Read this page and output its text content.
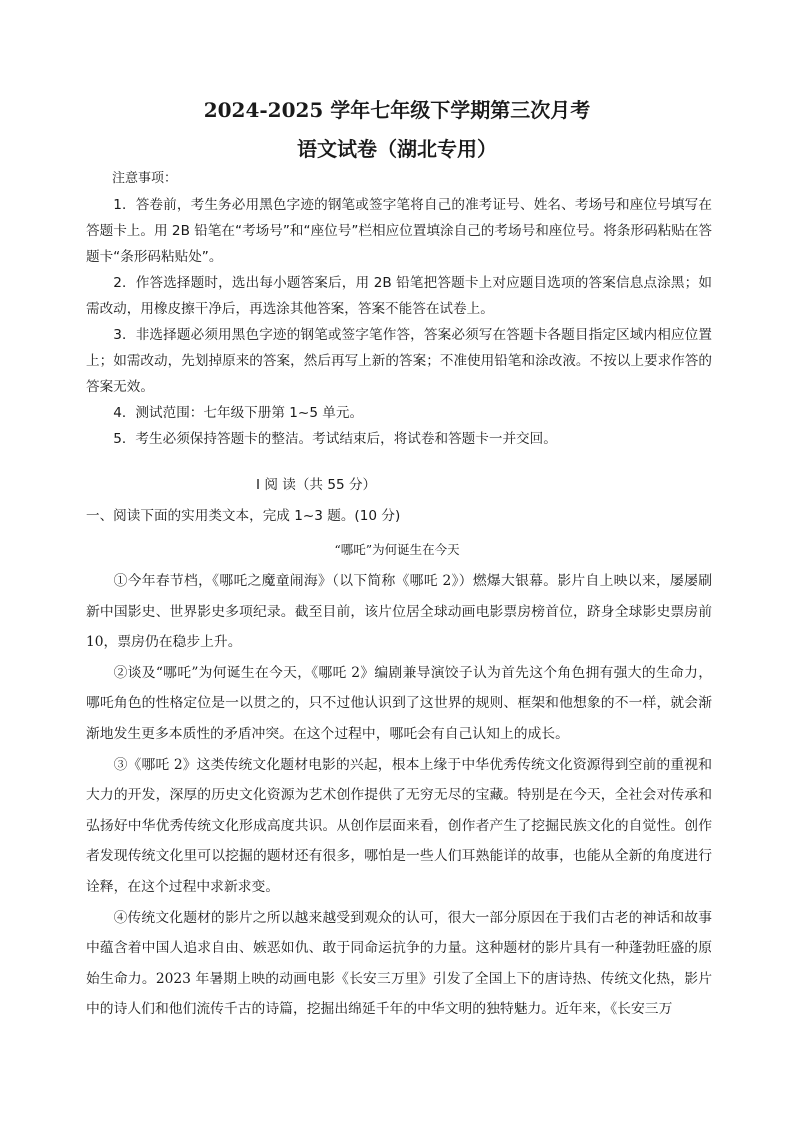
2024-2025 学年七年级下学期第三次月考
语文试卷（湖北专用）
注意事项：

1．答卷前，考生务必用黑色字迹的钢笔或签字笔将自己的准考证号、姓名、考场号和座位号填写在答题卡上。用 2B 铅笔在“考场号”和“座位号”栏相应位置填涂自己的考场号和座位号。将条形码粘贴在答题卡“条形码粘贴处”。

2．作答选择题时，选出每小题答案后，用 2B 铅笔把答题卡上对应题目选项的答案信息点涂黑；如需改动，用橡皮擦干净后，再选涂其他答案，答案不能答在试卷上。

3．非选择题必须用黑色字迹的钢笔或签字笔作答，答案必须写在答题卡各题目指定区域内相应位置上；如需改动，先划掉原来的答案，然后再写上新的答案；不准使用铅笔和涂改液。不按以上要求作答的答案无效。

4．测试范围：七年级下册第 1~5 单元。

5．考生必须保持答题卡的整洁。考试结束后，将试卷和答题卡一并交回。

I 阅 读（共 55 分）
一、阅读下面的实用类文本，完成 1~3 题。(10 分)
“哪吒”为何诞生在今天

①今年春节档，《哪吒之魔童闹海》（以下简称《哪吒 2》）燃爆大银幕。影片自上映以来，屡屡刷新中国影史、世界影史多项纪录。截至目前，该片位居全球动画电影票房榜首位，跻身全球影史票房前 10，票房仍在稳步上升。

②谈及“哪吒”为何诞生在今天，《哪吒 2》编剧兼导演饺子认为首先这个角色拥有强大的生命力，哪吒角色的性格定位是一以贯之的，只不过他认识到了这世界的规则、框架和他想象的不一样，就会渐渐地发生更多本质性的矛盾冲突。在这个过程中，哪吒会有自己认知上的成长。

③《哪吒 2》这类传统文化题材电影的兴起，根本上缘于中华优秀传统文化资源得到空前的重视和大力的开发，深厚的历史文化资源为艺术创作提供了无穷无尽的宝藏。特别是在今天，全社会对传承和弘扬好中华优秀传统文化形成高度共识。从创作层面来看，创作者产生了挖掘民族文化的自觉性。创作者发现传统文化里可以挖掘的题材还有很多，哪怕是一些人们耳熟能详的故事，也能从全新的角度进行诠释，在这个过程中求新求变。

④传统文化题材的影片之所以越来越受到观众的认可，很大一部分原因在于我们古老的神话和故事中蕴含着中国人追求自由、嫉恶如仇、敢于同命运抗争的力量。这种题材的影片具有一种蓬勃旺盛的原始生命力。2023 年暑期上映的动画电影《长安三万里》引发了全国上下的唐诗热、传统文化热，影片中的诗人们和他们流传千古的诗篇，挖掘出绵延千年的中华文明的独特魅力。近年来，《长安三万
